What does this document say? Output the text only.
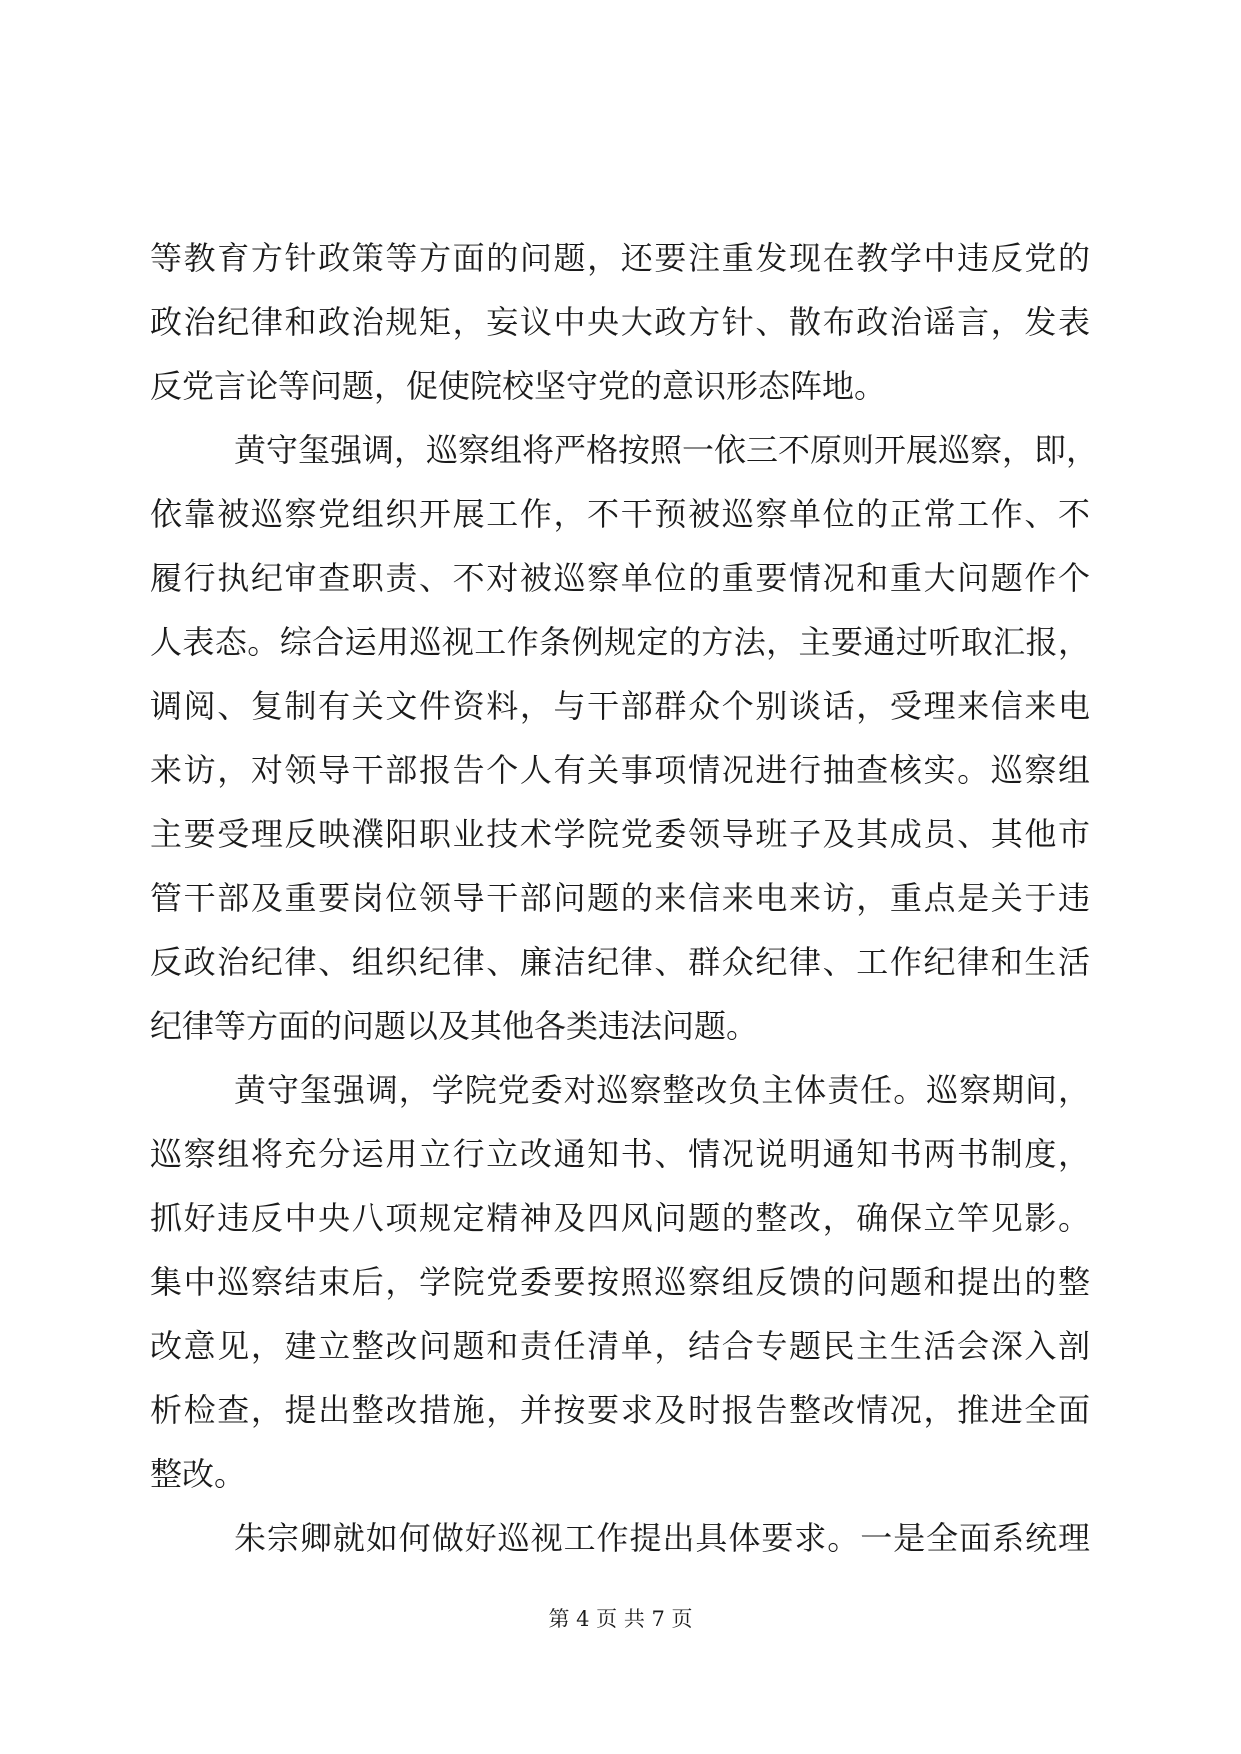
等教育方针政策等方面的问题，还要注重发现在教学中违反党的
政治纪律和政治规矩，妄议中央大政方针、散布政治谣言，发表
反党言论等问题，促使院校坚守党的意识形态阵地。
黄守玺强调，巡察组将严格按照一依三不原则开展巡察，即，
依靠被巡察党组织开展工作，不干预被巡察单位的正常工作、不
履行执纪审查职责、不对被巡察单位的重要情况和重大问题作个
人表态。综合运用巡视工作条例规定的方法，主要通过听取汇报，
调阅、复制有关文件资料，与干部群众个别谈话，受理来信来电
来访，对领导干部报告个人有关事项情况进行抽查核实。巡察组
主要受理反映濮阳职业技术学院党委领导班子及其成员、其他市
管干部及重要岗位领导干部问题的来信来电来访，重点是关于违
反政治纪律、组织纪律、廉洁纪律、群众纪律、工作纪律和生活
纪律等方面的问题以及其他各类违法问题。
黄守玺强调，学院党委对巡察整改负主体责任。巡察期间，
巡察组将充分运用立行立改通知书、情况说明通知书两书制度，
抓好违反中央八项规定精神及四风问题的整改，确保立竿见影。
集中巡察结束后，学院党委要按照巡察组反馈的问题和提出的整
改意见，建立整改问题和责任清单，结合专题民主生活会深入剖
析检查，提出整改措施，并按要求及时报告整改情况，推进全面
整改。
朱宗卿就如何做好巡视工作提出具体要求。一是全面系统理
第 4 页 共 7 页
